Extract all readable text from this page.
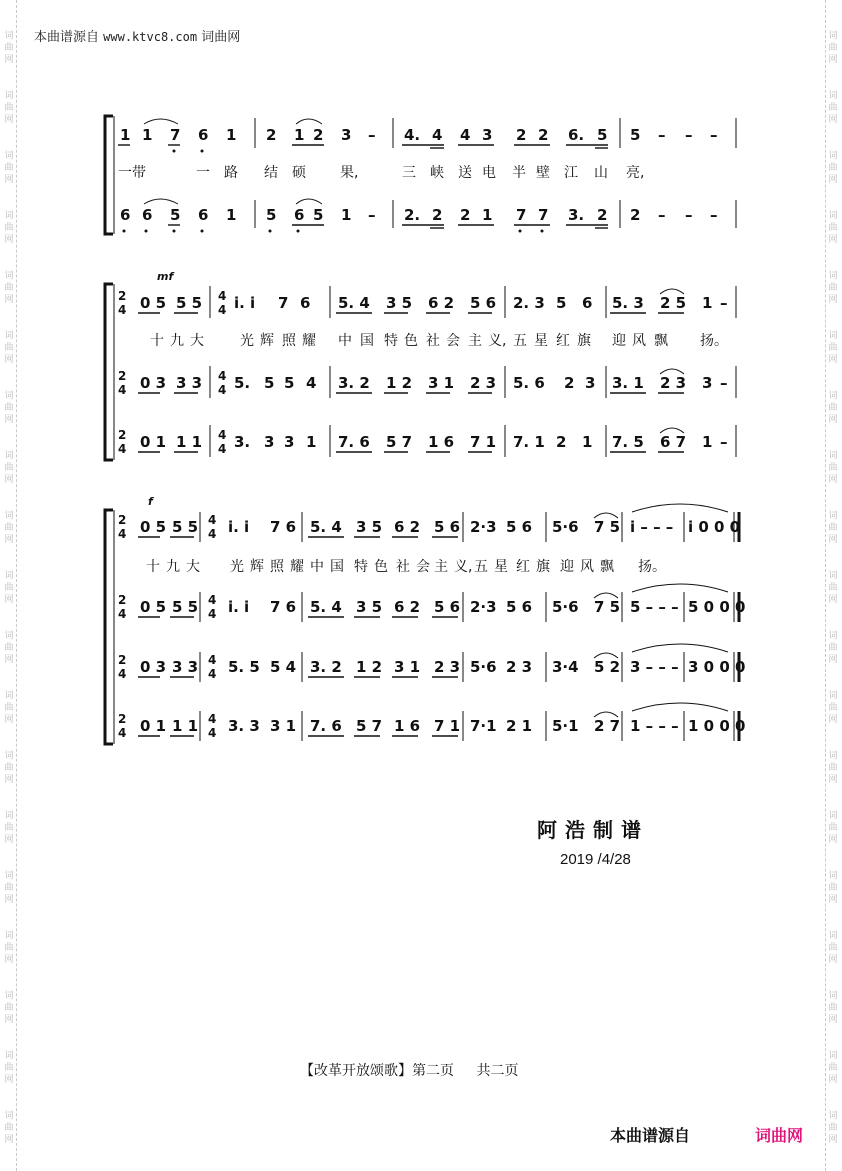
本曲谱源自 www.ktvc8.com 词曲网
1 1 7 6 1 2 1 2 3 – 4. 4 4 3 2 2 6. 5 5 – – –
6 6 5 6 1 5 6 5 1 – 2. 2 2 1 7 7 3. 2 2 – – –
一带	一 路 结 硕 果,	三 峡 送 电 半 壁 江 山 亮,
mf
2
4
4
4
2
4
4
4
2
4
4
4
0 5 5 5 i. i 7 6 5. 4 3 5 6 2 5 6 2. 3 5 6 5. 3 2 5 1 –
0 3 3 3 5. 5 5 4 3. 2 1 2 3 1 2 3 5. 6 2 3 3. 1 2 3 3 –
0 1 1 1 3. 3 3 1 7. 6 5 7 1 6 7 1 7. 1 2 1 7. 5 6 7 1 –
十 九 大	光 辉 照 耀 中 国 特 色 社 会 主 义, 五 星 红 旗 迎 风 飘 扬。
f
2
4
4
4
2
4
4
4
2
4
4
4
2
4
4
4
0 5 5 5 i. i 7 6 5. 4 3 5 6 2 5 6 2·3 5 6 5·6 7 5 i – – – i 0 0 0
0 5 5 5 i. i 7 6 5. 4 3 5 6 2 5 6 2·3 5 6 5·6 7 5 5 – – – 5 0 0 0
0 3 3 3 5. 5 5 4 3. 2 1 2 3 1 2 3 5·6 2 3 3·4 5 2 3 – – – 3 0 0 0
0 1 1 1 3. 3 3 1 7. 6 5 7 1 6 7 1 7·1 2 1 5·1 2 7 1 – – – 1 0 0 0
十 九 大 光 辉 照 耀 中 国 特 色 社 会 主 义, 五 星 红 旗 迎 风 飘 扬。
阿浩制谱
2019 /4/28
【改革开放颂歌】第二页 共二页
本曲谱源自	词曲网
词
曲
网
词
曲
网
词
曲
网
词
曲
网
词
曲
网
词
曲
网
词
曲
网
词
曲
网
词
曲
网
词
曲
网
词
曲
网
词
曲
网
词
曲
网
词
曲
网
词
曲
网
词
曲
网
词
曲
网
词
曲
网
词
曲
网
词
曲
网
词
曲
网
词
曲
网
词
曲
网
词
曲
网
词
曲
网
词
曲
网
词
曲
网
词
曲
网
词
曲
网
词
曲
网
词
曲
网
词
曲
网
词
曲
网
词
曲
网
词
曲
网
词
曲
网
词
曲
网
词
曲
网
